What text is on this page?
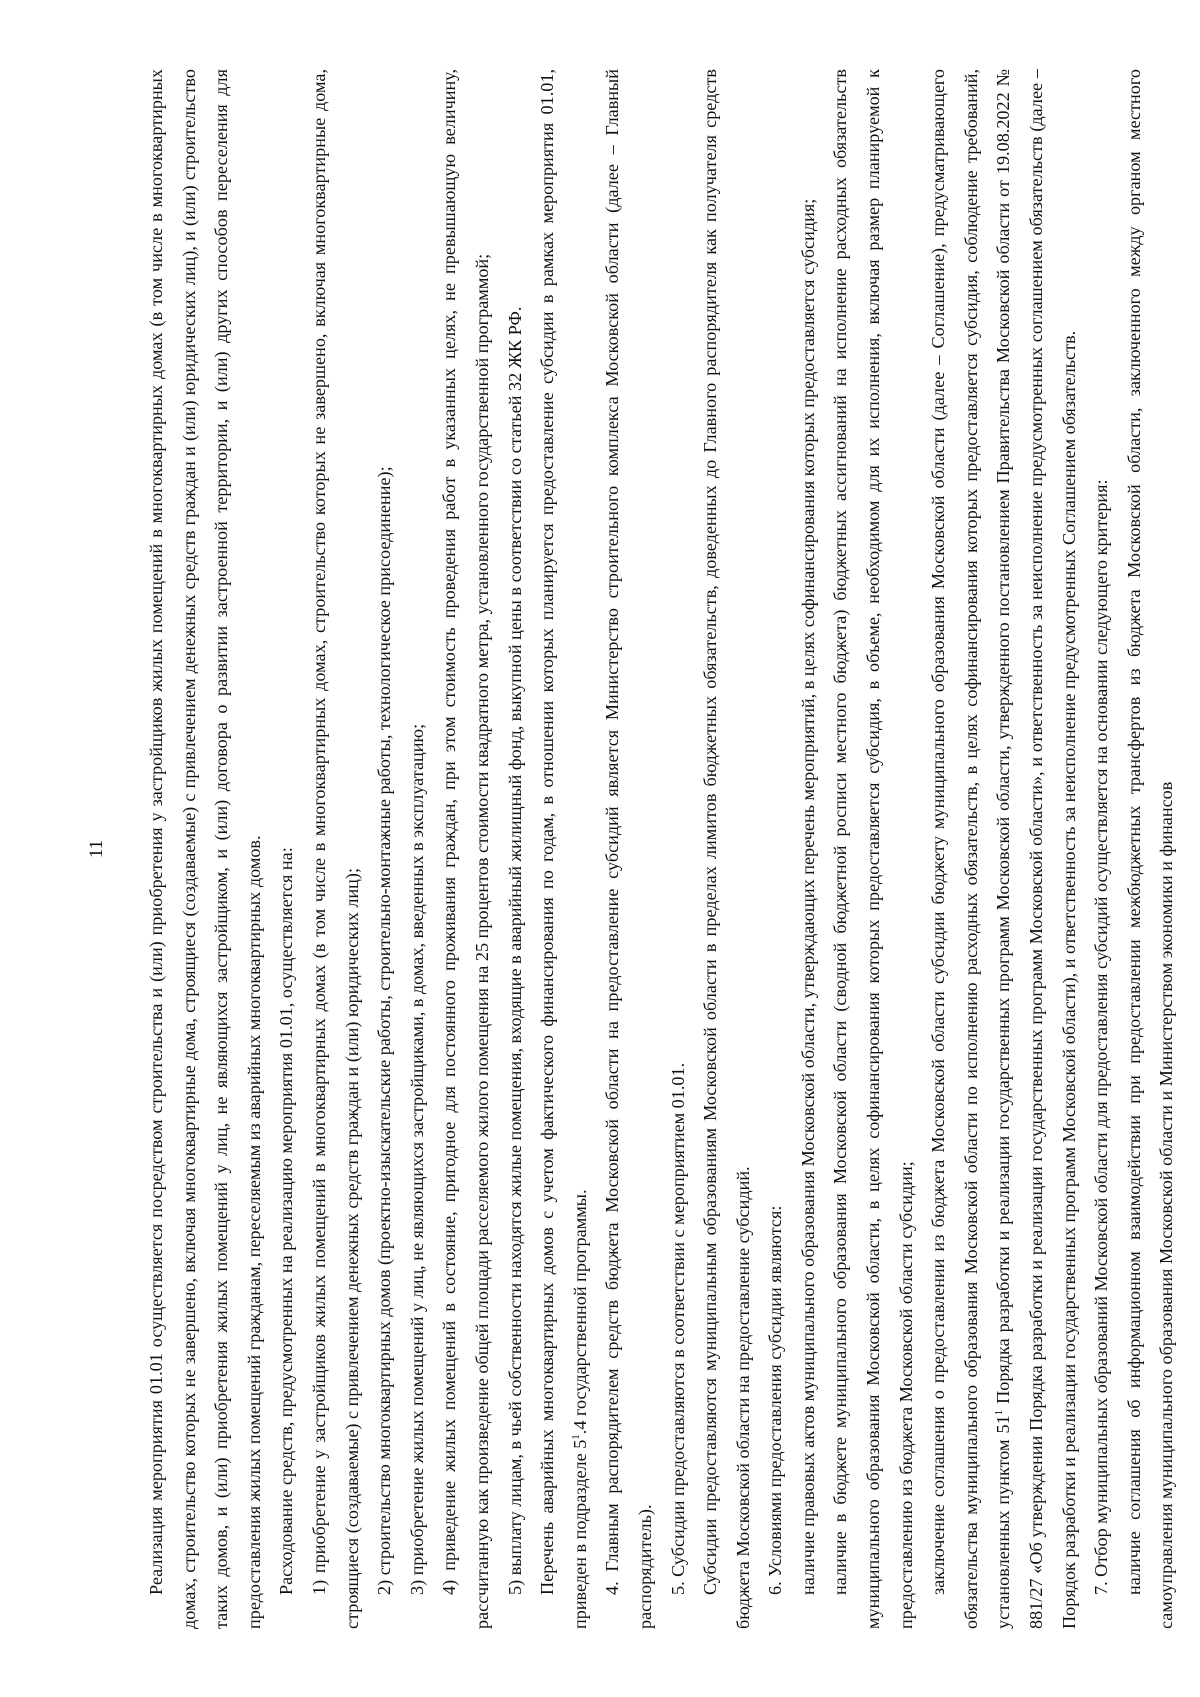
11	Реализация мероприятия 01.01 осуществляется посредством строительства и (или) приобретения у застройщиков жилых помещений в многоквартирных домах (в том числе в многоквартирных домах, строительство которых не завершено, включая многоквартирные дома, строящиеся (создаваемые) с привлечением денежных средств граждан и (или) юридических лиц), и (или) строительство таких домов, и (или) приобретения жилых помещений у лиц, не являющихся застройщиком, и (или) договора о развитии застроенной территории, и (или) других способов переселения для предоставления жилых помещений гражданам, переселяемым из аварийных многоквартирных домов. Расходование средств, предусмотренных на реализацию мероприятия 01.01, осуществляется на: 1) приобретение у застройщиков жилых помещений в многоквартирных домах (в том числе в многоквартирных домах, строительство которых не завершено, включая многоквартирные дома, строящиеся (создаваемые) с привлечением денежных средств граждан и (или) юридических лиц); 2) строительство многоквартирных домов (проектно-изыскательские работы, строительно-монтажные работы, технологическое присоединение); 3) приобретение жилых помещений у лиц, не являющихся застройщиками, в домах, введенных в эксплуатацию; 4) приведение жилых помещений в состояние, пригодное для постоянного проживания граждан, при этом стоимость проведения работ в указанных целях, не превышающую величину, рассчитанную как произведение общей площади расселяемого жилого помещения на 25 процентов стоимости квадратного метра, установленного государственной программой; 5) выплату лицам, в чьей собственности находятся жилые помещения, входящие в аварийный жилищный фонд, выкупной цены в соответствии со статьей 32 ЖК РФ. Перечень аварийных многоквартирных домов с учетом фактического финансирования по годам, в отношении которых планируется предоставление субсидии в рамках мероприятия 01.01, приведен в подразделе $5^1.4$ государственной программы. 4. Главным распорядителем средств бюджета Московской области на предоставление субсидий является Министерство строительного комплекса Московской области (далее – Главный распорядитель). 5. Субсидии предоставляются в соответствии с мероприятием 01.01. Субсидии предоставляются муниципальным образованиям Московской области в пределах лимитов бюджетных обязательств, доведенных до Главного распорядителя как получателя средств бюджета Московской области на предоставление субсидий. 6. Условиями предоставления субсидии являются: наличие правовых актов муниципального образования Московской области, утверждающих перечень мероприятий, в целях софинансирования которых предоставляется субсидия; наличие в бюджете муниципального образования Московской области (сводной бюджетной росписи местного бюджета) бюджетных ассигнований на исполнение расходных обязательств муниципального образования Московской области, в целях софинансирования которых предоставляется субсидия, в объеме, необходимом для их исполнения, включая размер планируемой к предоставлению из бюджета Московской области субсидии; заключение соглашения о предоставлении из бюджета Московской области субсидии бюджету муниципального образования Московской области (далее – Соглашение), предусматривающего обязательства муниципального образования Московской области по исполнению расходных обязательств, в целях софинансирования которых предоставляется субсидия, соблюдение требований, установленных пунктом $51^1$ Порядка разработки и реализации государственных программ Московской области, утвержденного постановлением Правительства Московской области от 19.08.2022 № 881/27 «Об утверждении Порядка разработки и реализации государственных программ Московской области», и ответственность за неисполнение предусмотренных соглашением обязательств (далее – Порядок разработки и реализации государственных программ Московской области), и ответственность за неисполнение предусмотренных Соглашением обязательств. 7. Отбор муниципальных образований Московской области для предоставления субсидий осуществляется на основании следующего критерия: наличие соглашения об информационном взаимодействии при предоставлении межбюджетных трансфертов из бюджета Московской области, заключенного между органом местного самоуправления муниципального образования Московской области и Министерством экономики и финансов
